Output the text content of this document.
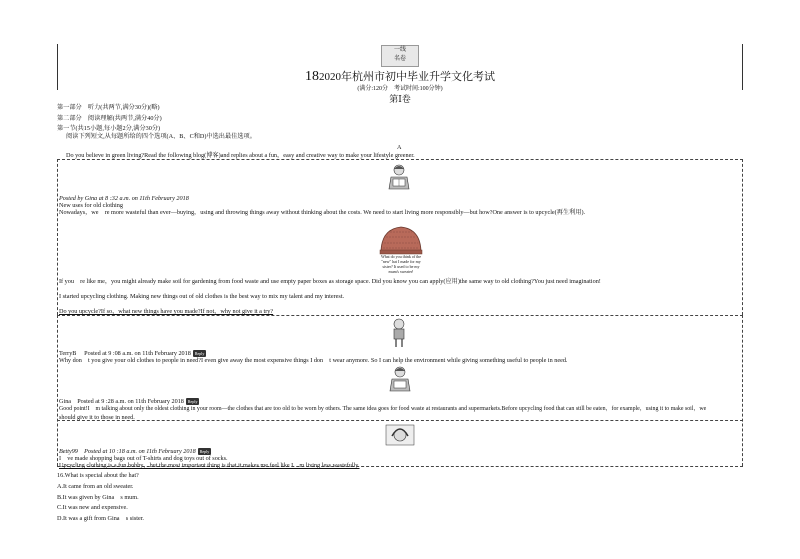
一线
名卷
182020年杭州市初中毕业升学文化考试
(满分:120分　考试时间:100分钟)
第Ⅰ卷
第一部分　听力(共两节,满分30分)(略)
第二部分　阅读理解(共两节,满分40分)
第一节(共15小题,每小题2分,满分30分)
阅读下列短文,从每题所给的四个选项(A、B、C和D)中选出最佳选项。
A
Do you believe in green living?Read the following blog(博客)and replies about a fun，easy and creative way to make your lifestyle greener.
Posted by Gina at 8 :32 a.m. on 11th February 2018
New uses for old clothing
Nowadays，we　re more wasteful than ever—buying，using and throwing things away without thinking about the costs. We need to start living more responsibly—but how?One answer is to upcycle(再生利用).
What do you think of the
"new" hat I made for my
sister? It used to be my
mum's sweater!
If you　re like me，you might already make soil for gardening from food waste and use empty paper boxes as storage space. Did you know you can apply(应用)the same way to old clothing?You just need imagination!
I started upcycling clothing. Making new things out of old clothes is the best way to mix my talent and my interest.
Do you upcycle?If so，what new things have you made?If not，why not give it a try?
TerryB　 Posted at 9 :08 a.m. on 11th February 2018 Reply
Why don　t you give your old clothes to people in need?I even give away the most expensive things I don　t wear anymore. So I can help the environment while giving something useful to people in need.
Gina　Posted at 9 :28 a.m. on 11th February 2018 Reply
Good point!I　m talking about only the oldest clothing in your room—the clothes that are too old to be worn by others. The same idea goes for food waste at restaurants and supermarkets.Before upcycling food that can still be eaten，for example，using it to make soil，we
should give it to those in need.
Betty99　Posted at 10 :18 a.m. on 11th February 2018 Reply
I　ve made shopping bags out of T-shirts and dog toys out of socks.
Upcycling clothing is a fun hobby，but the most important thing is that it makes me feel like I　m living less wastefully.
16.What is special about the hat?
A.It came from an old sweater.
B.It was given by Gina　s mum.
C.It was new and expensive.
D.It was a gift from Gina　s sister.
